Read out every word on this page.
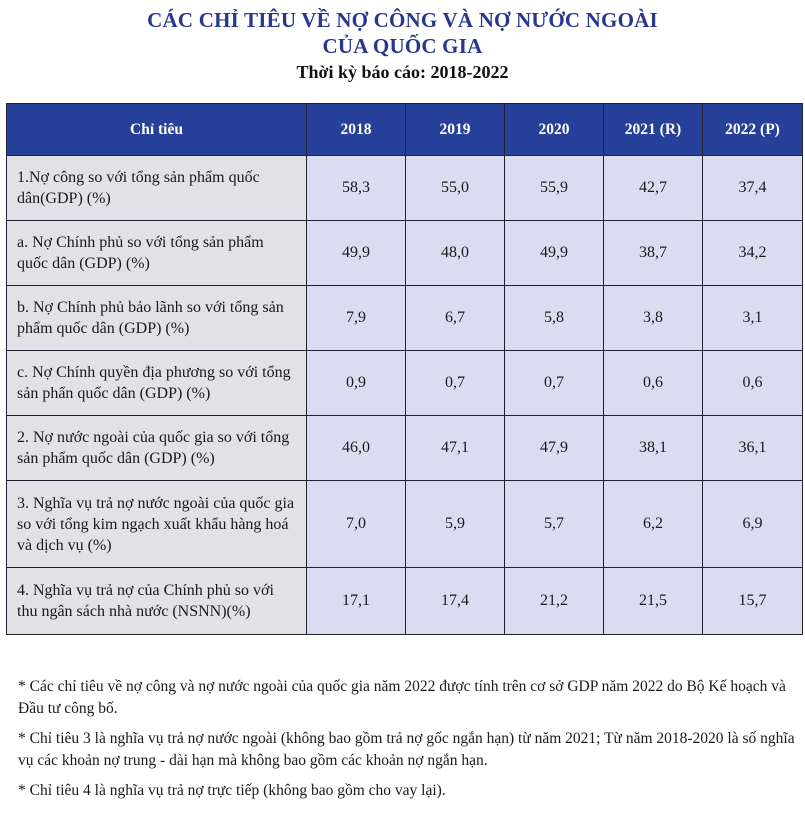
CÁC CHỈ TIÊU VỀ NỢ CÔNG VÀ NỢ NƯỚC NGOÀI
CỦA QUỐC GIA
Thời kỳ báo cáo: 2018-2022
Chỉ tiêu	2018	2019	2020	2021 (R)	2022 (P)
1.Nợ công so với tổng sản phẩm quốc dân(GDP) (%)	58,3	55,0	55,9	42,7	37,4
a. Nợ Chính phủ so với tổng sản phẩm quốc dân (GDP) (%)	49,9	48,0	49,9	38,7	34,2
b. Nợ Chính phủ bảo lãnh so với tổng sản phẩm quốc dân (GDP) (%)	7,9	6,7	5,8	3,8	3,1
c. Nợ Chính quyền địa phương so với tổng sản phẩn quốc dân (GDP) (%)	0,9	0,7	0,7	0,6	0,6
2. Nợ nước ngoài của quốc gia so với tổng sản phẩm quốc dân (GDP) (%)	46,0	47,1	47,9	38,1	36,1
3. Nghĩa vụ trả nợ nước ngoài của quốc gia so với tổng kim ngạch xuất khẩu hàng hoá và dịch vụ (%)	7,0	5,9	5,7	6,2	6,9
4. Nghĩa vụ trả nợ của Chính phủ so với thu ngân sách nhà nước (NSNN)(%)	17,1	17,4	21,2	21,5	15,7

* Các chỉ tiêu về nợ công và nợ nước ngoài của quốc gia năm 2022 được tính trên cơ sở GDP năm 2022 do Bộ Kế hoạch và Đầu tư công bố.

* Chỉ tiêu 3 là nghĩa vụ trả nợ nước ngoài (không bao gồm trả nợ gốc ngắn hạn) từ năm 2021; Từ năm 2018-2020 là số nghĩa vụ các khoản nợ trung - dài hạn mà không bao gồm các khoản nợ ngắn hạn.

* Chỉ tiêu 4 là nghĩa vụ trả nợ trực tiếp (không bao gồm cho vay lại).
